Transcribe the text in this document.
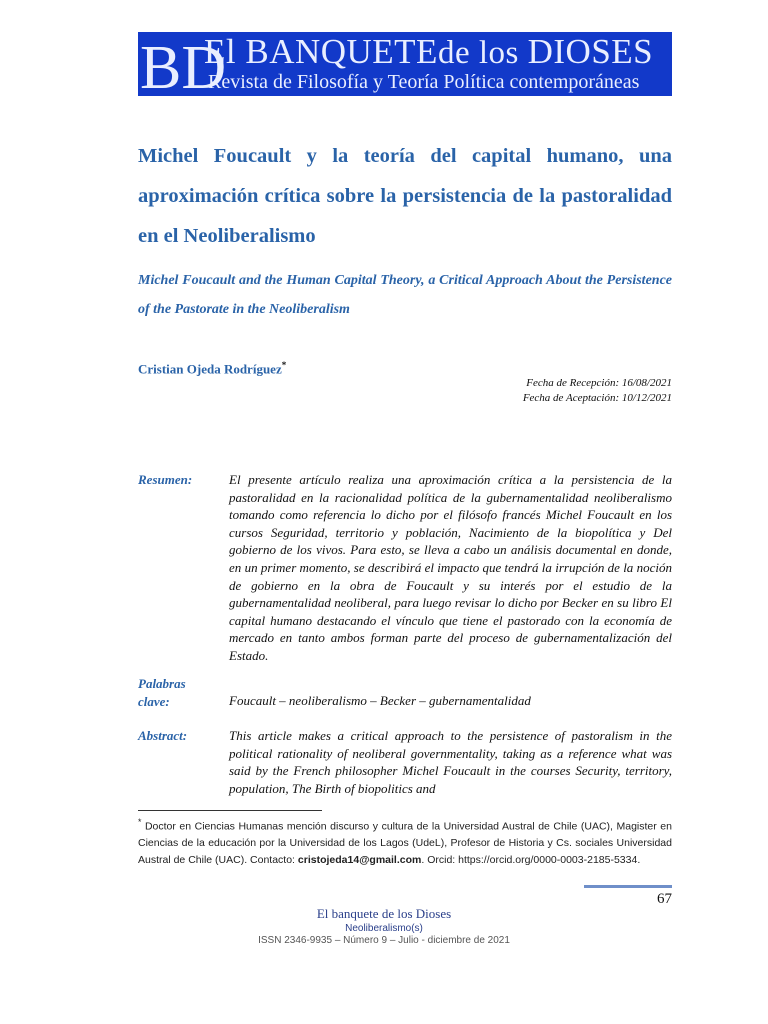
BD
El BANQUETEde los DIOSES
Revista de Filosofía y Teoría Política contemporáneas
Michel Foucault y la teoría del capital humano, una aproximación crítica sobre la persistencia de la pastoralidad en el Neoliberalismo
Michel Foucault and the Human Capital Theory, a Critical Approach About the Persistence of the Pastorate in the Neoliberalism
Cristian Ojeda Rodríguez*
Fecha de Recepción: 16/08/2021
Fecha de Aceptación: 10/12/2021
Resumen:	El presente artículo realiza una aproximación crítica a la persistencia de la pastoralidad en la racionalidad política de la gubernamentalidad neoliberalismo tomando como referencia lo dicho por el filósofo francés Michel Foucault en los cursos Seguridad, territorio y población, Nacimiento de la biopolítica y Del gobierno de los vivos. Para esto, se lleva a cabo un análisis documental en donde, en un primer momento, se describirá el impacto que tendrá la irrupción de la noción de gobierno en la obra de Foucault y su interés por el estudio de la gubernamentalidad neoliberal, para luego revisar lo dicho por Becker en su libro El capital humano destacando el vínculo que tiene el pastorado con la economía de mercado en tanto ambos forman parte del proceso de gubernamentalización del Estado.
Palabras
clave:	Foucault – neoliberalismo – Becker – gubernamentalidad
Abstract:	This article makes a critical approach to the persistence of pastoralism in the political rationality of neoliberal governmentality, taking as a reference what was said by the French philosopher Michel Foucault in the courses Security, territory, population, The Birth of biopolitics and
* Doctor en Ciencias Humanas mención discurso y cultura de la Universidad Austral de Chile (UAC), Magister en Ciencias de la educación por la Universidad de los Lagos (UdeL), Profesor de Historia y Cs. sociales Universidad Austral de Chile (UAC). Contacto: cristojeda14@gmail.com. Orcid: https://orcid.org/0000-0003-2185-5334.
67
El banquete de los Dioses
Neoliberalismo(s)
ISSN 2346-9935 – Número 9 – Julio - diciembre de 2021
